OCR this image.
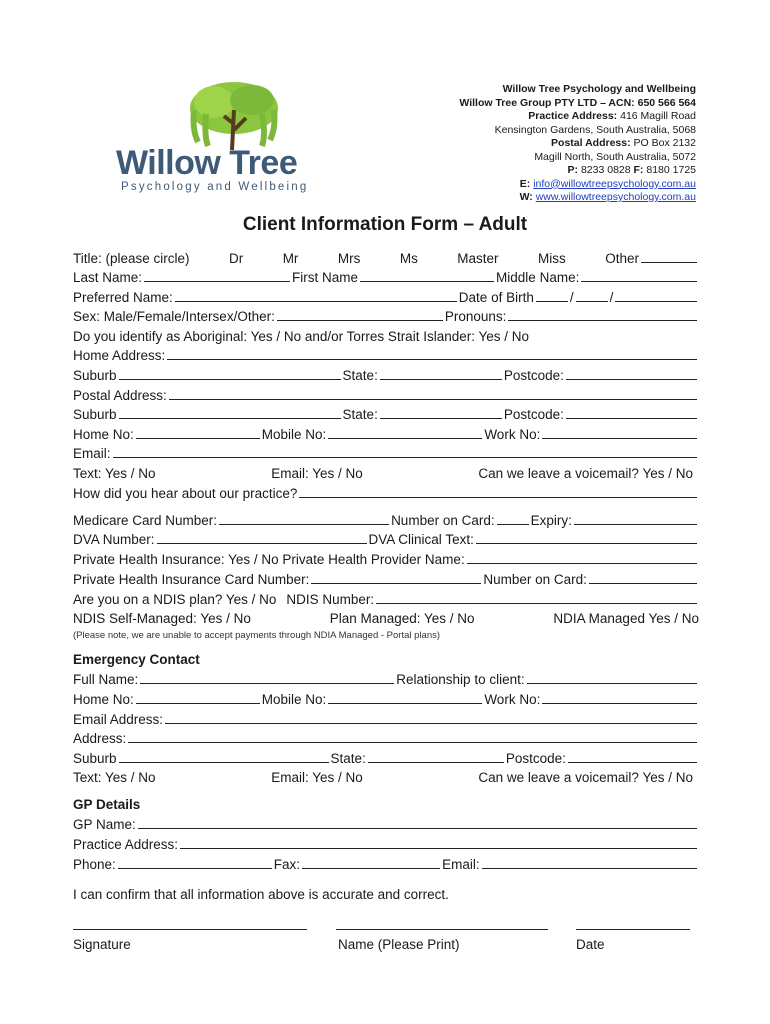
Willow Tree
Psychology and Wellbeing
Willow Tree Psychology and Wellbeing
Willow Tree Group PTY LTD – ACN: 650 566 564
Practice Address: 416 Magill Road
Kensington Gardens, South Australia, 5068
Postal Address: PO Box 2132
Magill North, South Australia, 5072
P: 8233 0828 F: 8180 1725
E: info@willowtreepsychology.com.au
W: www.willowtreepsychology.com.au
Client Information Form – Adult
Title: (please circle)	Dr	Mr	Mrs	Ms	Master	Miss	Other
Last Name:	First Name	Middle Name:
Preferred Name:	Date of Birth	/	/
Sex: Male/Female/Intersex/Other:	Pronouns:
Do you identify as Aboriginal: Yes / No and/or Torres Strait Islander: Yes / No
Home Address:
Suburb	State:	Postcode:
Postal Address:
Suburb	State:	Postcode:
Home No:	Mobile No:	Work No:
Email:
Text: Yes / No	Email: Yes / No	Can we leave a voicemail? Yes / No
How did you hear about our practice?
Medicare Card Number:	Number on Card:	Expiry:
DVA Number:	DVA Clinical Text:
Private Health Insurance: Yes / No Private Health Provider Name:
Private Health Insurance Card Number:	Number on Card:
Are you on a NDIS plan? Yes / No NDIS Number:
NDIS Self-Managed: Yes / No	Plan Managed: Yes / No	NDIA Managed Yes / No
(Please note, we are unable to accept payments through NDIA Managed - Portal plans)
Emergency Contact
Full Name:	Relationship to client:
Home No:	Mobile No:	Work No:
Email Address:
Address:
Suburb	State:	Postcode:
Text: Yes / No	Email: Yes / No	Can we leave a voicemail? Yes / No
GP Details
GP Name:
Practice Address:
Phone:	Fax:	Email:
I can confirm that all information above is accurate and correct.
Signature	Name (Please Print)	Date
